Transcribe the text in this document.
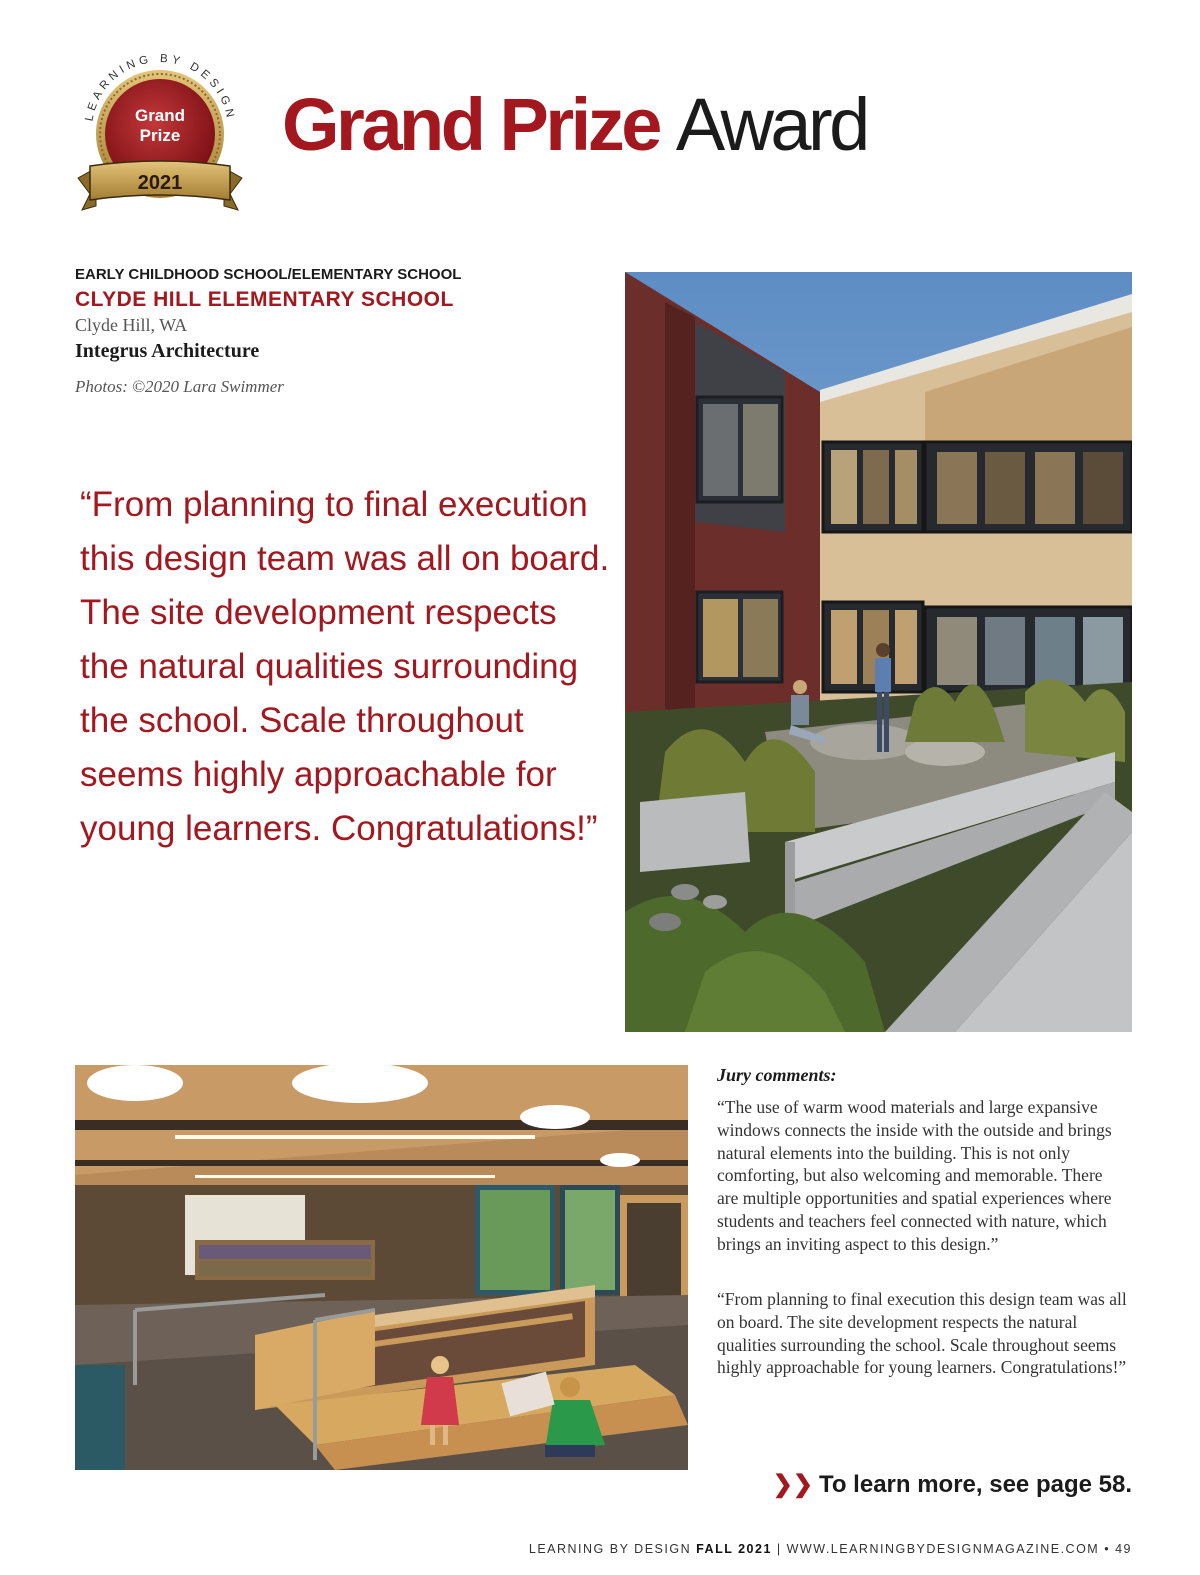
LEARNING BY DESIGN
Grand
Prize
2021
Grand Prize Award
EARLY CHILDHOOD SCHOOL/ELEMENTARY SCHOOL
CLYDE HILL ELEMENTARY SCHOOL
Clyde Hill, WA
Integrus Architecture
Photos: ©2020 Lara Swimmer
“From planning to final execution this design team was all on board. The site development respects the natural qualities surrounding the school. Scale throughout seems highly approachable for young learners. Congratulations!”
Jury comments:

“The use of warm wood materials and large expansive windows connects the inside with the outside and brings natural elements into the building. This is not only comforting, but also welcoming and memorable. There are multiple opportunities and spatial experiences where students and teachers feel connected with nature, which brings an inviting aspect to this design.”

“From planning to final execution this design team was all on board. The site development respects the natural qualities surrounding the school. Scale throughout seems highly approachable for young learners. Congratulations!”

❯❯ To learn more, see page 58.
LEARNING BY DESIGN FALL 2021 | WWW.LEARNINGBYDESIGNMAGAZINE.COM • 49
